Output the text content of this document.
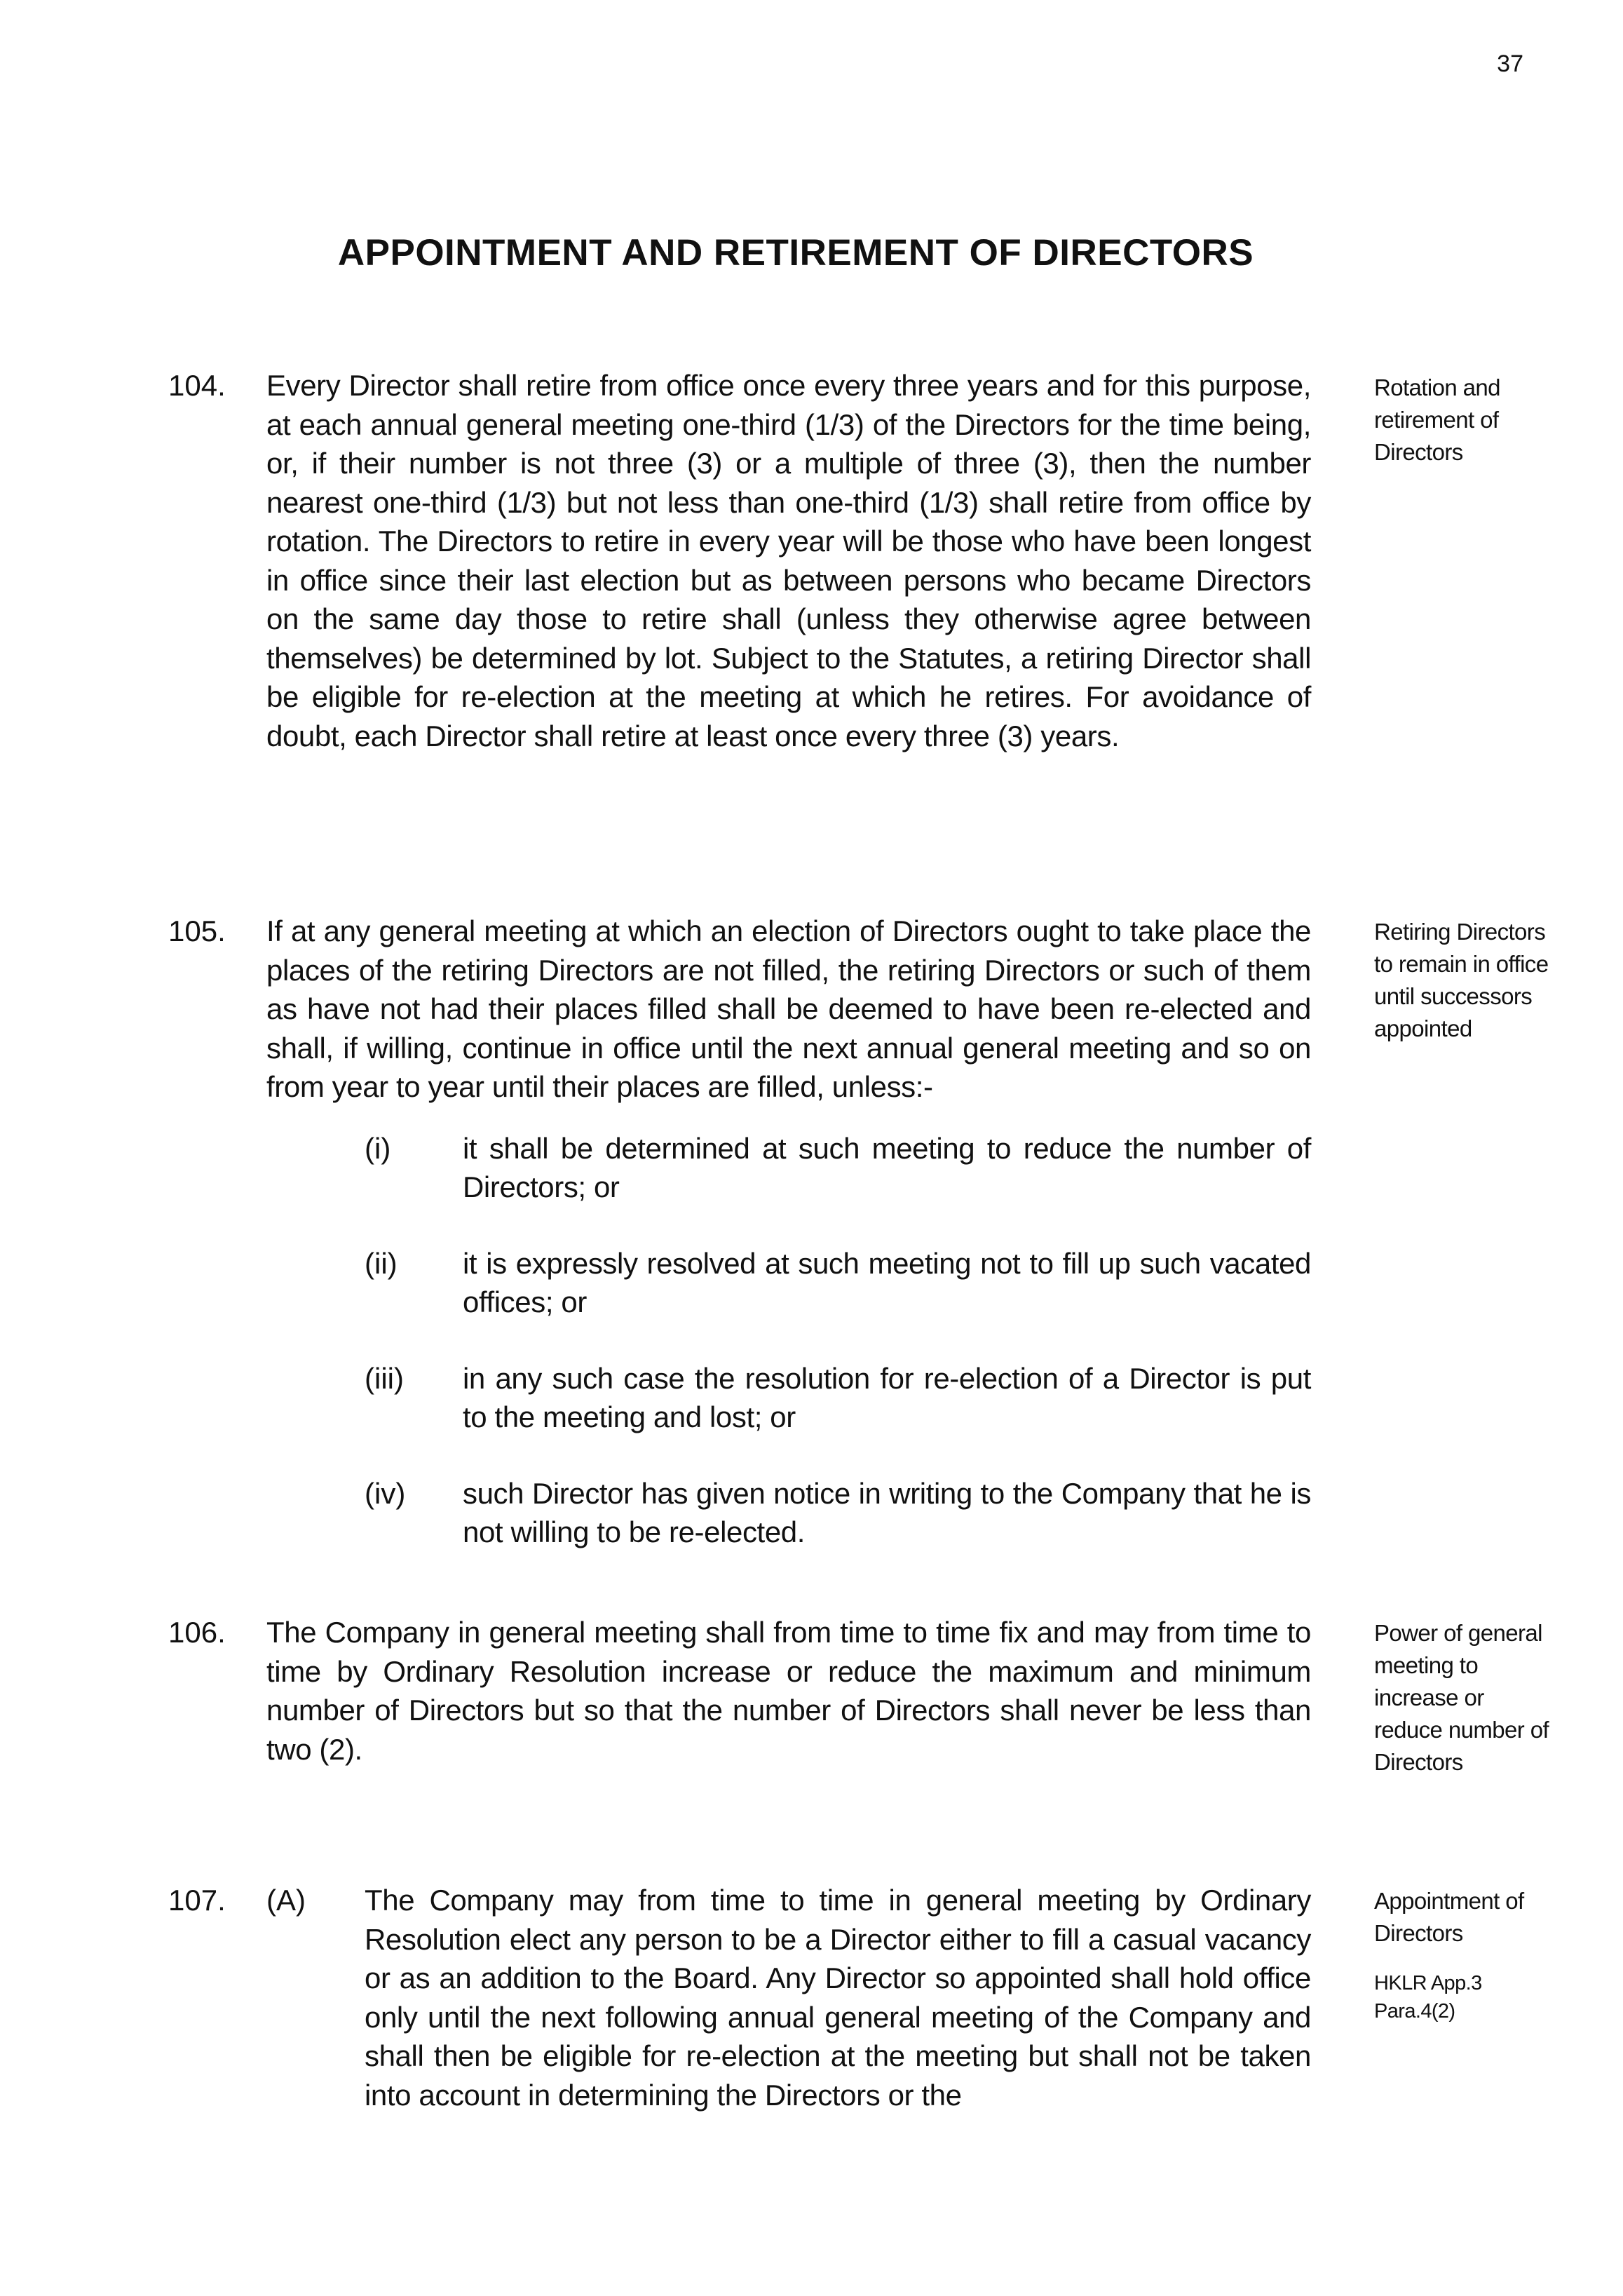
37
APPOINTMENT AND RETIREMENT OF DIRECTORS
104. Every Director shall retire from office once every three years and for this purpose, at each annual general meeting one-third (1/3) of the Directors for the time being, or, if their number is not three (3) or a multiple of three (3), then the number nearest one-third (1/3) but not less than one-third (1/3) shall retire from office by rotation. The Directors to retire in every year will be those who have been longest in office since their last election but as between persons who became Directors on the same day those to retire shall (unless they otherwise agree between themselves) be determined by lot. Subject to the Statutes, a retiring Director shall be eligible for re-election at the meeting at which he retires. For avoidance of doubt, each Director shall retire at least once every three (3) years.
Rotation and retirement of Directors
105. If at any general meeting at which an election of Directors ought to take place the places of the retiring Directors are not filled, the retiring Directors or such of them as have not had their places filled shall be deemed to have been re-elected and shall, if willing, continue in office until the next annual general meeting and so on from year to year until their places are filled, unless:-
(i) it shall be determined at such meeting to reduce the number of Directors; or
(ii) it is expressly resolved at such meeting not to fill up such vacated offices; or
(iii) in any such case the resolution for re-election of a Director is put to the meeting and lost; or
(iv) such Director has given notice in writing to the Company that he is not willing to be re-elected.
Retiring Directors to remain in office until successors appointed
106. The Company in general meeting shall from time to time fix and may from time to time by Ordinary Resolution increase or reduce the maximum and minimum number of Directors but so that the number of Directors shall never be less than two (2).
Power of general meeting to increase or reduce number of Directors
107. (A) The Company may from time to time in general meeting by Ordinary Resolution elect any person to be a Director either to fill a casual vacancy or as an addition to the Board. Any Director so appointed shall hold office only until the next following annual general meeting of the Company and shall then be eligible for re-election at the meeting but shall not be taken into account in determining the Directors or the
Appointment of Directors
HKLR App.3 Para.4(2)
